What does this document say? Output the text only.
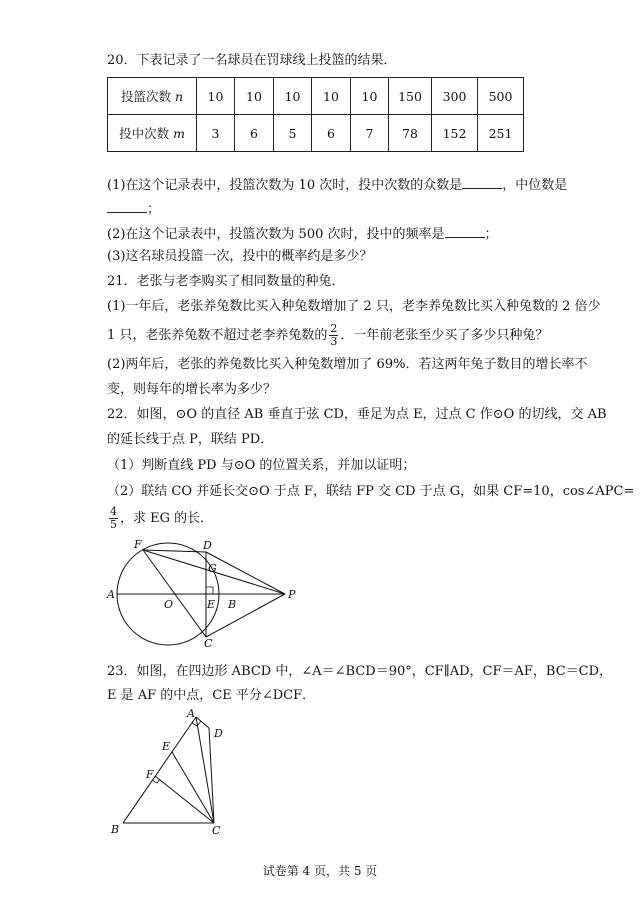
20．下表记录了一名球员在罚球线上投篮的结果．
投篮次数 n	10	10	10	10	10	150	300	500
投中次数 m	3	6	5	6	7	78	152	251
(1)在这个记录表中，投篮次数为 10 次时，投中次数的众数是	，中位数是
；
(2)在这个记录表中，投篮次数为 500 次时，投中的频率是	；
(3)这名球员投篮一次，投中的概率约是多少？
21．老张与老李购买了相同数量的种兔．
(1)一年后，老张养兔数比买入种兔数增加了 2 只，老李养兔数比买入种兔数的 2 倍少
1 只，老张养兔数不超过老李养兔数的 $\frac{2}{3}$ ．一年前老张至少买了多少只种兔？
(2)两年后，老张的养兔数比买入种兔数增加了 69%．若这两年兔子数目的增长率不
变，则每年的增长率为多少？
22．如图，⊙O 的直径 AB 垂直于弦 CD，垂足为点 E，过点 C 作⊙O 的切线，交 AB
的延长线于点 P，联结 PD．
（1）判断直线 PD 与⊙O 的位置关系，并加以证明；
（2）联结 CO 并延长交⊙O 于点 F，联结 FP 交 CD 于点 G，如果 CF=10，cos∠APC=
$\frac{4}{5}$ ，求 EG 的长．
F	D
G
A
O	E B
P
C
23．如图，在四边形 ABCD 中，∠A＝∠BCD＝90°，CF∥AD，CF＝AF，BC＝CD，
E 是 AF 的中点，CE 平分∠DCF．
A
D
E
F
B	C
试卷第 4 页，共 5 页
